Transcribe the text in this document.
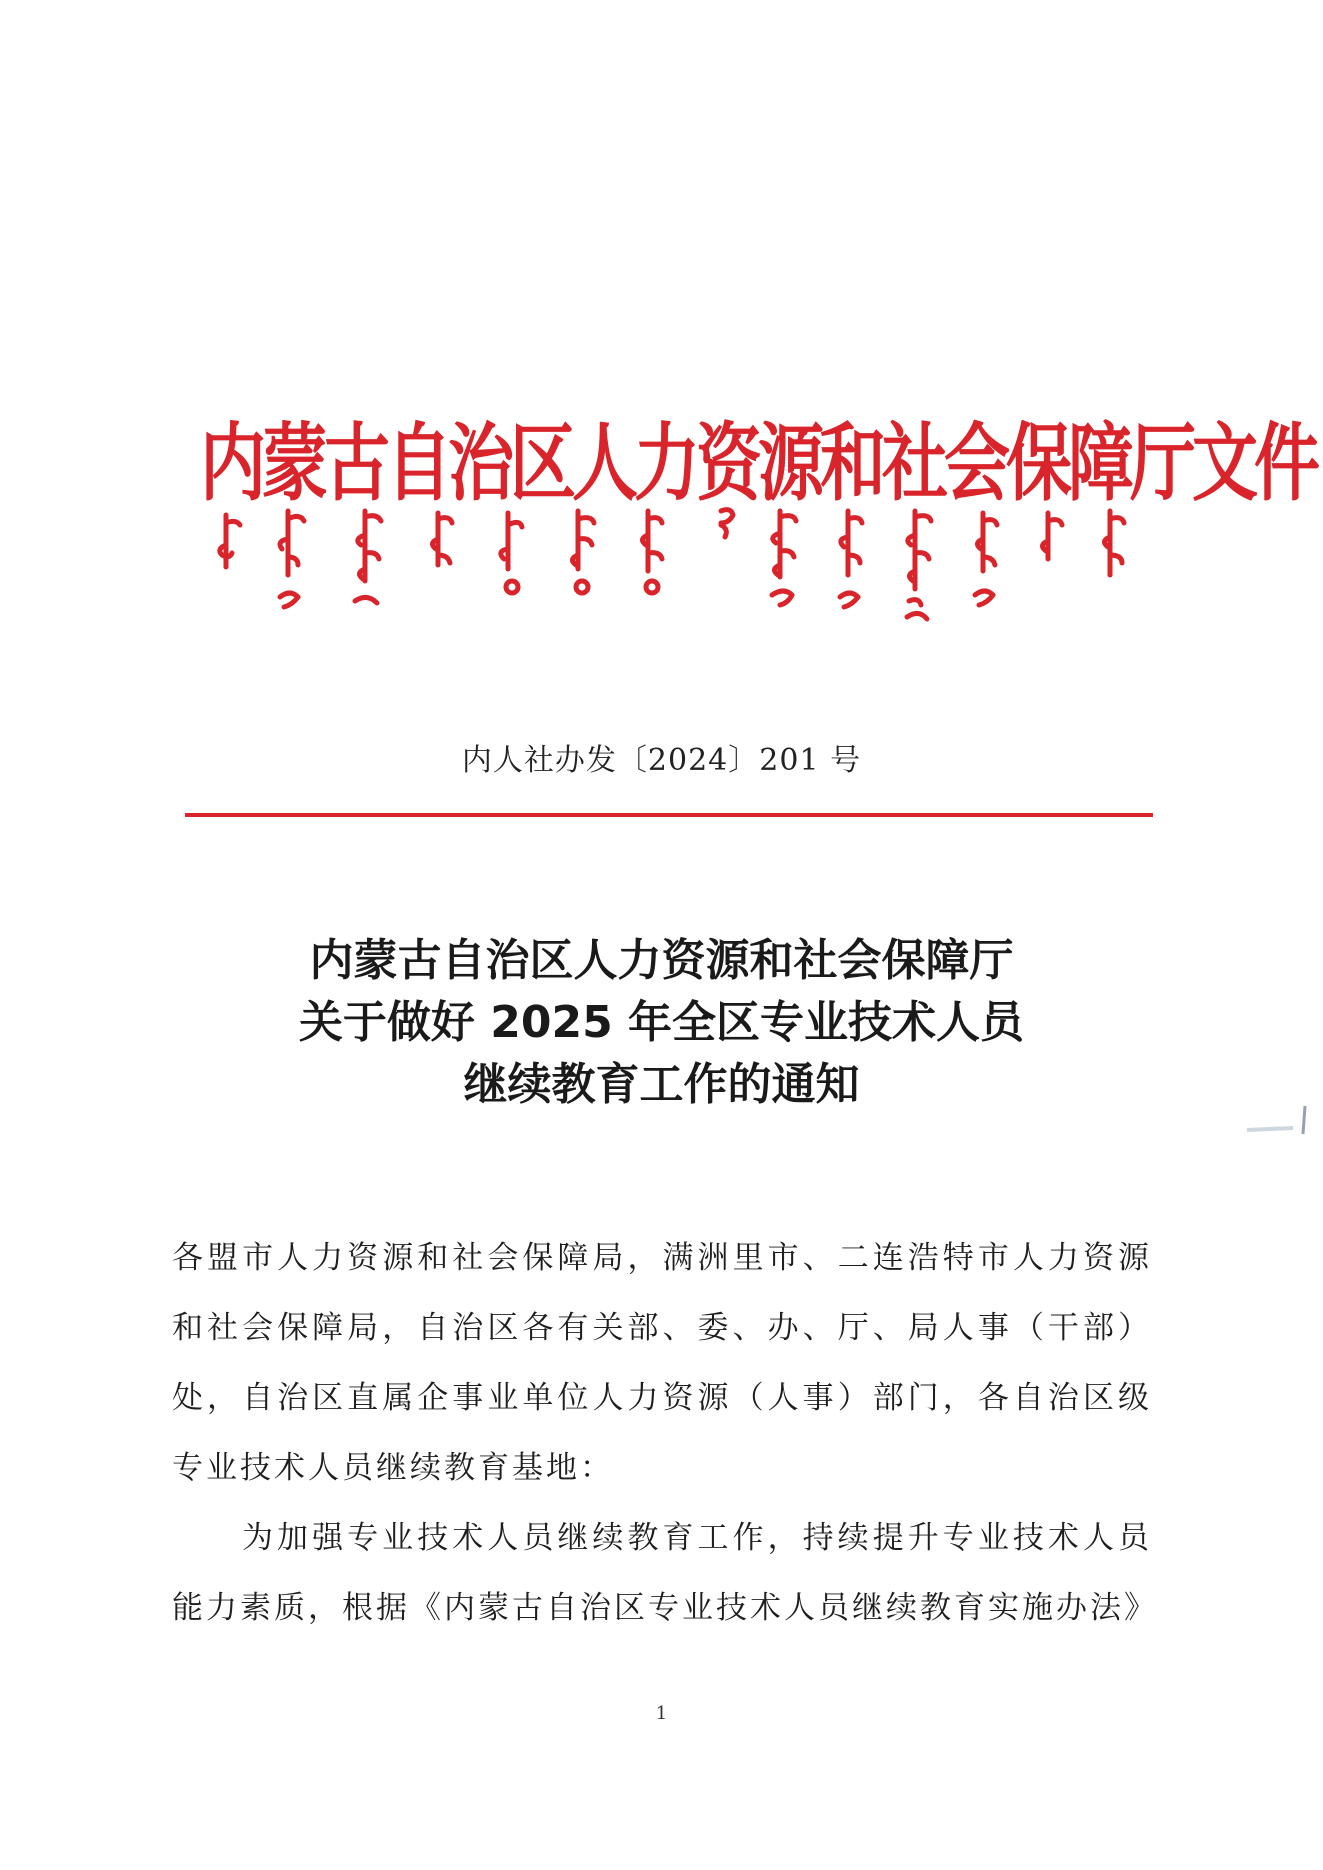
内蒙古自治区人力资源和社会保障厅文件
内人社办发〔2024〕201 号
内蒙古自治区人力资源和社会保障厅
关于做好 2025 年全区专业技术人员
继续教育工作的通知

各盟市人力资源和社会保障局，满洲里市、二连浩特市人力资源和社会保障局，自治区各有关部、委、办、厅、局人事（干部）处，自治区直属企事业单位人力资源（人事）部门，各自治区级专业技术人员继续教育基地：

为加强专业技术人员继续教育工作，持续提升专业技术人员能力素质，根据《内蒙古自治区专业技术人员继续教育实施办法》

1
